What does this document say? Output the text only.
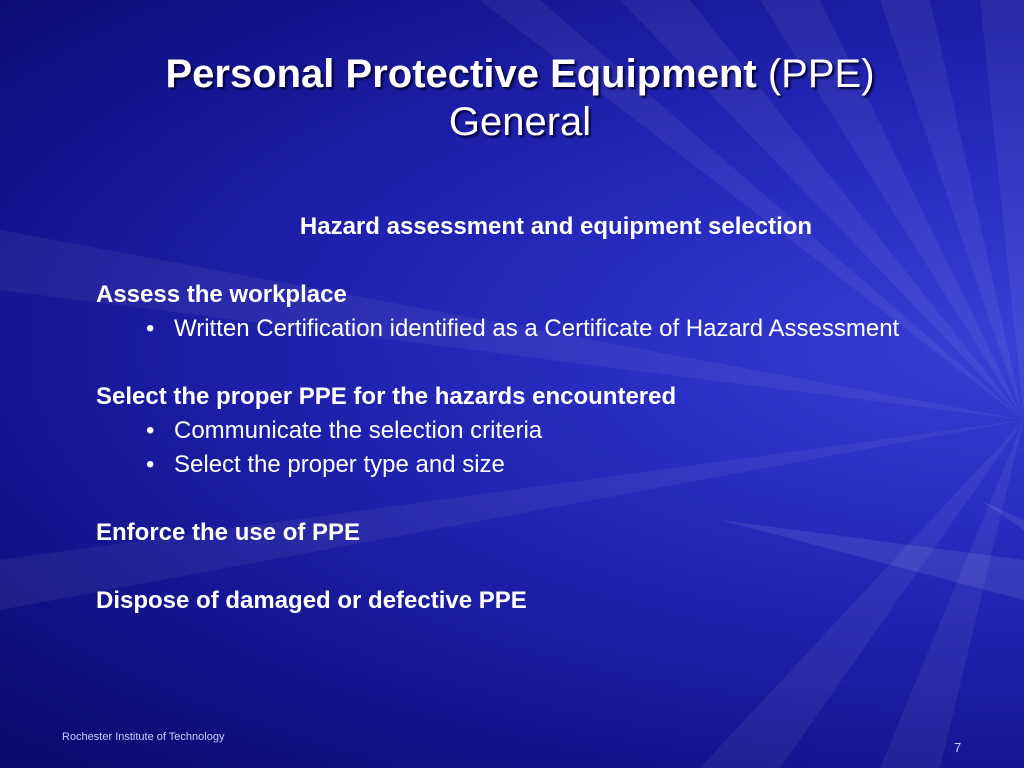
Personal Protective Equipment (PPE)
General

Hazard assessment and equipment selection

Assess the workplace

• Written Certification identified as a Certificate of Hazard Assessment

Select the proper PPE for the hazards encountered

• Communicate the selection criteria
• Select the proper type and size

Enforce the use of PPE

Dispose of damaged or defective PPE

Rochester Institute of Technology
7
